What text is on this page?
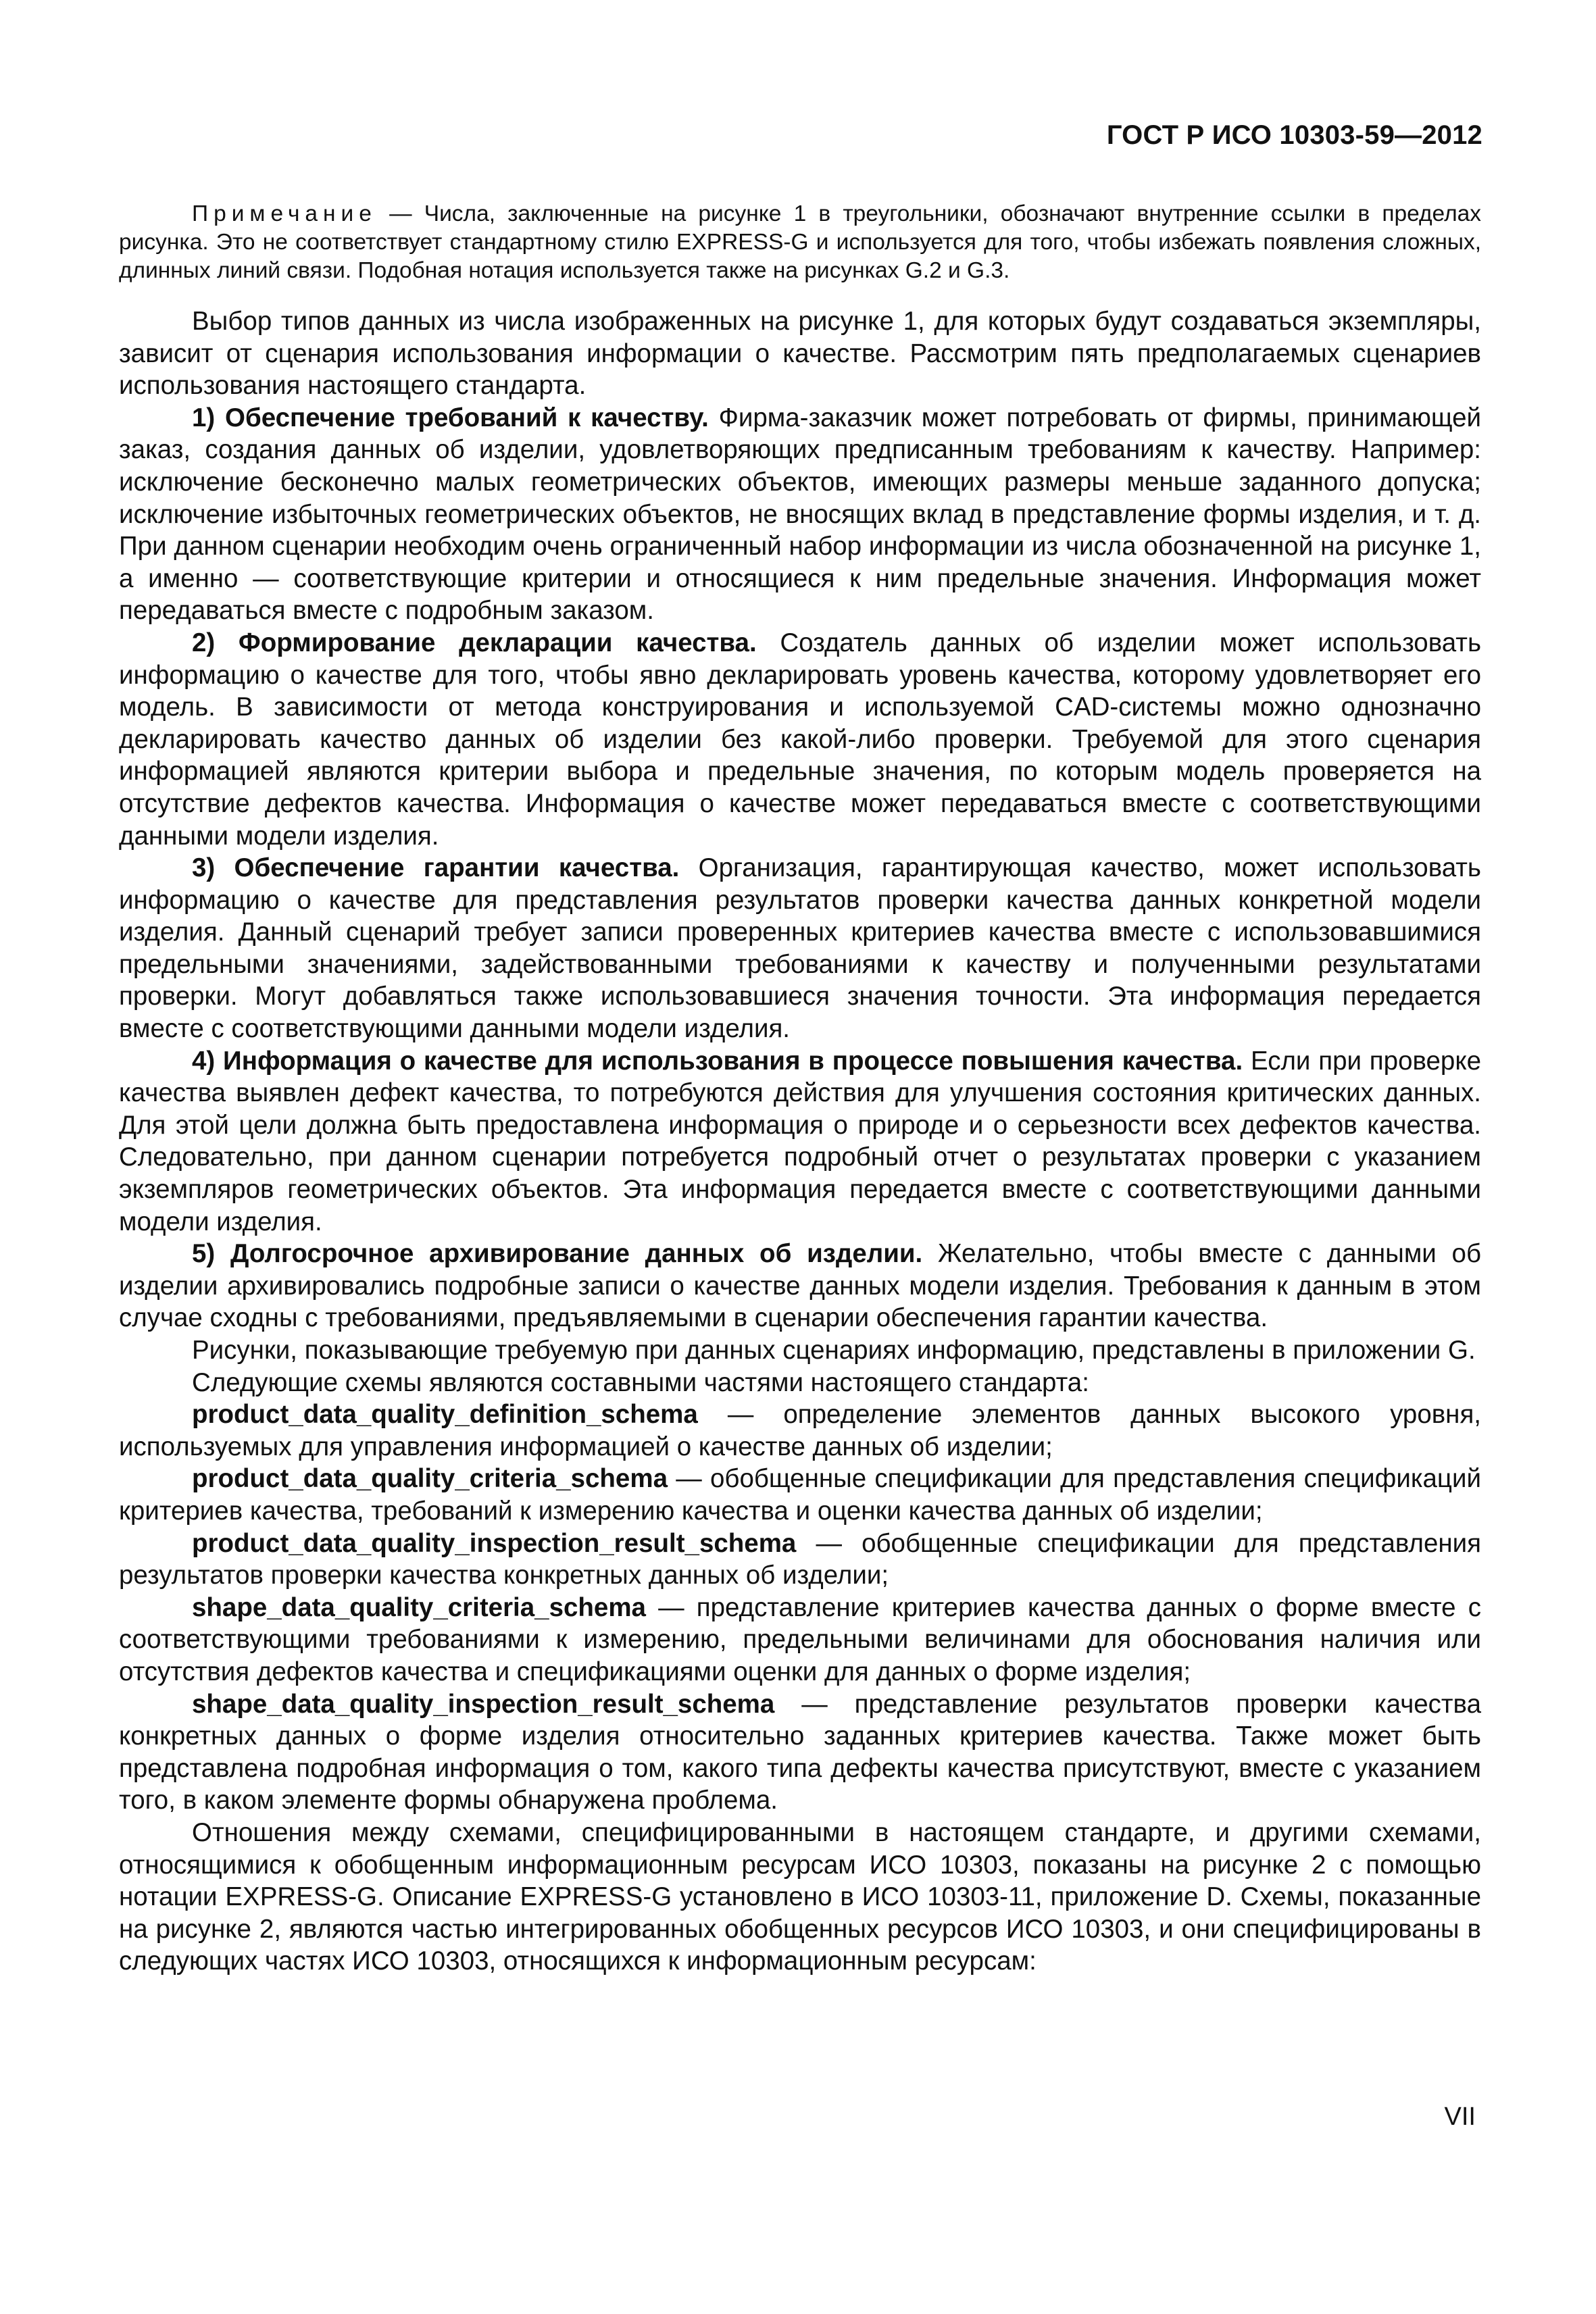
ГОСТ Р ИСО 10303-59—2012

Примечание — Числа, заключенные на рисунке 1 в треугольники, обозначают внутренние ссылки в пределах рисунка. Это не соответствует стандартному стилю EXPRESS-G и используется для того, чтобы избежать появления сложных, длинных линий связи. Подобная нотация используется также на рисунках G.2 и G.3.

Выбор типов данных из числа изображенных на рисунке 1, для которых будут создаваться экземпляры, зависит от сценария использования информации о качестве. Рассмотрим пять предполагаемых сценариев использования настоящего стандарта.

1) Обеспечение требований к качеству. Фирма-заказчик может потребовать от фирмы, принимающей заказ, создания данных об изделии, удовлетворяющих предписанным требованиям к качеству. Например: исключение бесконечно малых геометрических объектов, имеющих размеры меньше заданного допуска; исключение избыточных геометрических объектов, не вносящих вклад в представление формы изделия, и т. д. При данном сценарии необходим очень ограниченный набор информации из числа обозначенной на рисунке 1, а именно — соответствующие критерии и относящиеся к ним предельные значения. Информация может передаваться вместе с подробным заказом.

2) Формирование декларации качества. Создатель данных об изделии может использовать информацию о качестве для того, чтобы явно декларировать уровень качества, которому удовлетворяет его модель. В зависимости от метода конструирования и используемой CAD-системы можно однозначно декларировать качество данных об изделии без какой-либо проверки. Требуемой для этого сценария информацией являются критерии выбора и предельные значения, по которым модель проверяется на отсутствие дефектов качества. Информация о качестве может передаваться вместе с соответствующими данными модели изделия.

3) Обеспечение гарантии качества. Организация, гарантирующая качество, может использовать информацию о качестве для представления результатов проверки качества данных конкретной модели изделия. Данный сценарий требует записи проверенных критериев качества вместе с использовавшимися предельными значениями, задействованными требованиями к качеству и полученными результатами проверки. Могут добавляться также использовавшиеся значения точности. Эта информация передается вместе с соответствующими данными модели изделия.

4) Информация о качестве для использования в процессе повышения качества. Если при проверке качества выявлен дефект качества, то потребуются действия для улучшения состояния критических данных. Для этой цели должна быть предоставлена информация о природе и о серьезности всех дефектов качества. Следовательно, при данном сценарии потребуется подробный отчет о результатах проверки с указанием экземпляров геометрических объектов. Эта информация передается вместе с соответствующими данными модели изделия.

5) Долгосрочное архивирование данных об изделии. Желательно, чтобы вместе с данными об изделии архивировались подробные записи о качестве данных модели изделия. Требования к данным в этом случае сходны с требованиями, предъявляемыми в сценарии обеспечения гарантии качества.

Рисунки, показывающие требуемую при данных сценариях информацию, представлены в приложении G.

Следующие схемы являются составными частями настоящего стандарта:

product_data_quality_definition_schema — определение элементов данных высокого уровня, используемых для управления информацией о качестве данных об изделии;

product_data_quality_criteria_schema — обобщенные спецификации для представления спецификаций критериев качества, требований к измерению качества и оценки качества данных об изделии;

product_data_quality_inspection_result_schema — обобщенные спецификации для представления результатов проверки качества конкретных данных об изделии;

shape_data_quality_criteria_schema — представление критериев качества данных о форме вместе с соответствующими требованиями к измерению, предельными величинами для обоснования наличия или отсутствия дефектов качества и спецификациями оценки для данных о форме изделия;

shape_data_quality_inspection_result_schema — представление результатов проверки качества конкретных данных о форме изделия относительно заданных критериев качества. Также может быть представлена подробная информация о том, какого типа дефекты качества присутствуют, вместе с указанием того, в каком элементе формы обнаружена проблема.

Отношения между схемами, специфицированными в настоящем стандарте, и другими схемами, относящимися к обобщенным информационным ресурсам ИСО 10303, показаны на рисунке 2 с помощью нотации EXPRESS-G. Описание EXPRESS-G установлено в ИСО 10303-11, приложение D. Схемы, показанные на рисунке 2, являются частью интегрированных обобщенных ресурсов ИСО 10303, и они специфицированы в следующих частях ИСО 10303, относящихся к информационным ресурсам:

VII
